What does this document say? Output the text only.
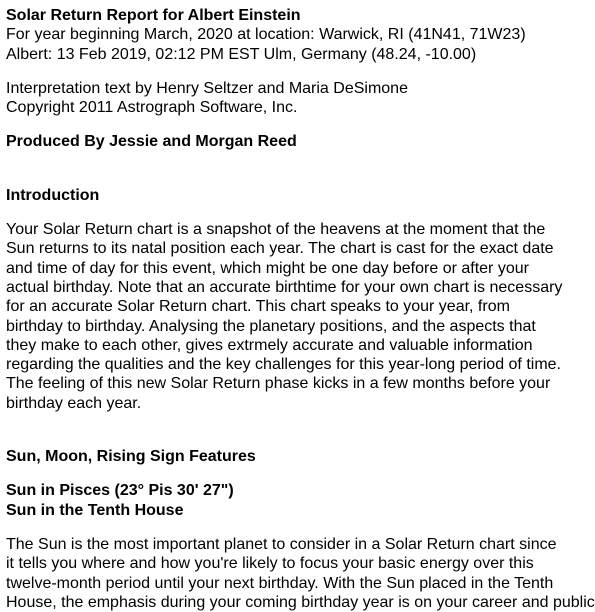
Solar Return Report for Albert Einstein
For year beginning March, 2020 at location: Warwick, RI (41N41, 71W23)
Albert: 13 Feb 2019, 02:12 PM EST Ulm, Germany (48.24, -10.00)
Interpretation text by Henry Seltzer and Maria DeSimone
Copyright 2011 Astrograph Software, Inc.
Produced By Jessie and Morgan Reed
Introduction
Your Solar Return chart is a snapshot of the heavens at the moment that the
Sun returns to its natal position each year. The chart is cast for the exact date
and time of day for this event, which might be one day before or after your
actual birthday. Note that an accurate birthtime for your own chart is necessary
for an accurate Solar Return chart. This chart speaks to your year, from
birthday to birthday. Analysing the planetary positions, and the aspects that
they make to each other, gives extrmely accurate and valuable information
regarding the qualities and the key challenges for this year-long period of time.
The feeling of this new Solar Return phase kicks in a few months before your
birthday each year.
Sun, Moon, Rising Sign Features
Sun in Pisces (23° Pis 30' 27")
Sun in the Tenth House
The Sun is the most important planet to consider in a Solar Return chart since
it tells you where and how you're likely to focus your basic energy over this
twelve-month period until your next birthday. With the Sun placed in the Tenth
House, the emphasis during your coming birthday year is on your career and public
